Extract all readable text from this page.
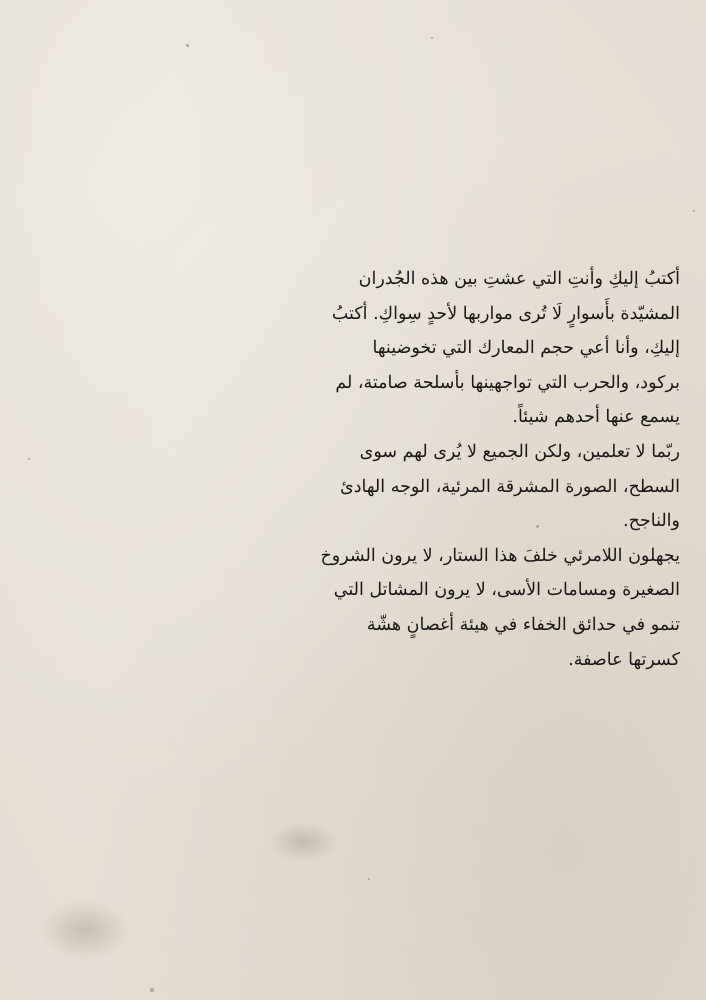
أكتبُ إليكِ وأنتِ التي عشتِ بين هذه الجُدران
المشيّدة بأَسوارٍ لَا تُرى مواربها لأحدٍ سِواكِ. أكتبُ
إليكِ، وأنا أعي حجم المعارك التي تخوضينها
بركود، والحرب التي تواجهينها بأسلحة صامتة، لم
يسمع عنها أحدهم شيئاً.
ربّما لا تعلمين، ولكن الجميع لا يُرى لهم سوى
السطح، الصورة المشرقة المرئية، الوجه الهادئ
والناجح.
يجهلون اللامرئي خلفَ هذا الستار، لا يرون الشروخ
الصغيرة ومسامات الأسى، لا يرون المشاتل التي
تنمو في حدائق الخفاء في هيئة أغصانٍ هشّة
كسرتها عاصفة.
